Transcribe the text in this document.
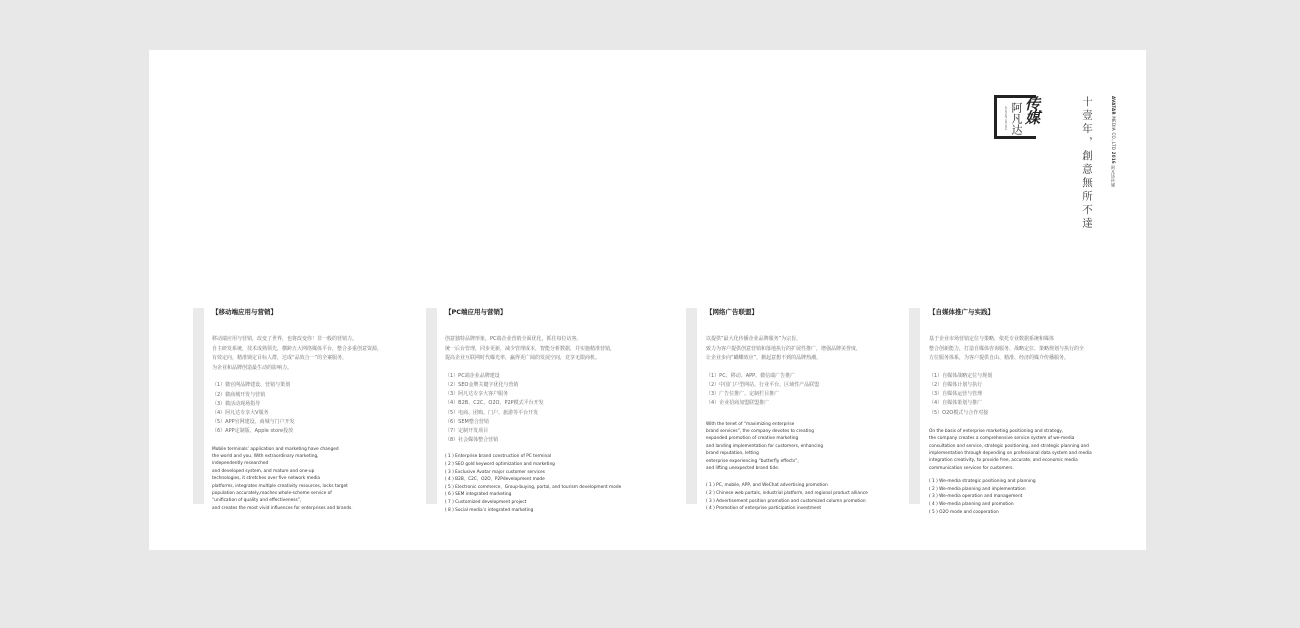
AVATAR MEDIA 阿凡达 传媒	十壹年，創意無所不達	AVATAR MEDIA CO.,LTD 2016 阿凡达传媒
【移动端应用与营销】

移动端应用与营销，改变了世界，也将改变你！非一般的营销力。

自主研发系统，技术成熟领先，横跨五大网络媒体平台，整合多重创意资源，

有效定向，精准锁定目标人群，达成“品效合一”的全案服务，

为企业和品牌创造最生动的影响力。

（1）微官网品牌建设、营销与策划
（2）微商城开发与营销
（3）微活动现场指导
（4）阿凡达专享大V服务
（5）APP官网建设、商城与门户开发
（6）APP定制版、Apple store投放

Mobile terminals’ application and marketing have changed

the world and you. With extraordinary marketing,

independently researched

and developed system, and mature and one-up

technologies, it stretches over five network media

platforms, integrates multiple creativity resources, locks target

population accurately,reaches whole-scheme service of

“unification of quality and effectiveness”，

and creates the most vivid influences for enterprises and brands.

【PC端应用与营销】

创意独特品牌形象，PC端企业营销全面优化，抓住每位访客。

统一后台管理，同步更新，减少管理成本，智能分析数据，并实施精准营销，

提高企业互联网时代曝光率，赢得更广阔的发展空间，竞享无限商机。

（1）PC端企业品牌建设
（2）SEO金牌关键字优化与营销
（3）阿凡达专享大客户服务
（4）B2B、C2C、O2O、P2P模式平台开发
（5）电商、团购、门户、旅游等平台开发
（6）SEM整合营销
（7）定制开发项目
（8）社会媒体整合营销
( 1 ) Enterprise brand construction of PC terminal
( 2 ) SEO gold keyword optimization and marketing
( 3 ) Exclusive Avatar major customer services
( 4 ) B2B、C2C、O2O、P2Pdevelopment mode
( 5 ) Electronic commerce、Group-buying, portal, and tourism development mode
( 6 ) SEM integrated marketing
( 7 ) Customized development project
( 8 ) Social media’s integrated marketing
【网络广告联盟】

以提供“最大化传播企业品牌服务”为宗旨，

致力为客户提供创意营销和落地执行的扩展性推广，增强品牌美誉度，

让企业步向“蝴蝶效应”，掀起意想不到的品牌热潮。

（1）PC、移动、APP、微信端广告推广
（2）中国门户型网站、行业平台、区域性产品联盟
（3）广告位推广、定制栏目推广
（4）企业招商加盟联盟推广

With the tenet of “maximizing enterprise

brand services”, the company devotes to creating

expanded promotion of creative marketing

and landing implementation for customers, enhancing

brand reputation, letting

enterprise experiencing “butterfly effects”，

and lifting unexpected brand tide.

( 1 ) PC, mobile, APP, and WeChat advertising promotion
( 2 ) Chinese web portals, industrial platform, and regional product alliance
( 3 ) Advertisement position promotion and customized column promotion
( 4 ) Promotion of enterprise participation investment
【自媒体推广与实践】

基于企业市场营销定位与策略，依托专业数据系统和媒体

整合创新能力，打造自媒体咨询服务、战略定位、策略规划与执行的全

方位服务体系，为客户提供自由、精准、经济的媒介传播服务。

（1）自媒体战略定位与规划
（2）自媒体计划与执行
（3）自媒体运营与管理
（4）自媒体策划与推广
（5）O2O模式与合作对接

On the basis of enterprise marketing positioning and strategy,

the company creates a comprehensive service system of we-media

consultation and service, strategic positioning, and strategic planning and

implementation through depending on professional data system and media

integration creativity, to provide free, accurate, and economic media

communication services for customers.

( 1 ) We-media strategic positioning and planning
( 2 ) We-media planning and implementation
( 3 ) We-media operation and management
( 4 ) We-media planning and promotion
( 5 ) O2O mode and cooperation
